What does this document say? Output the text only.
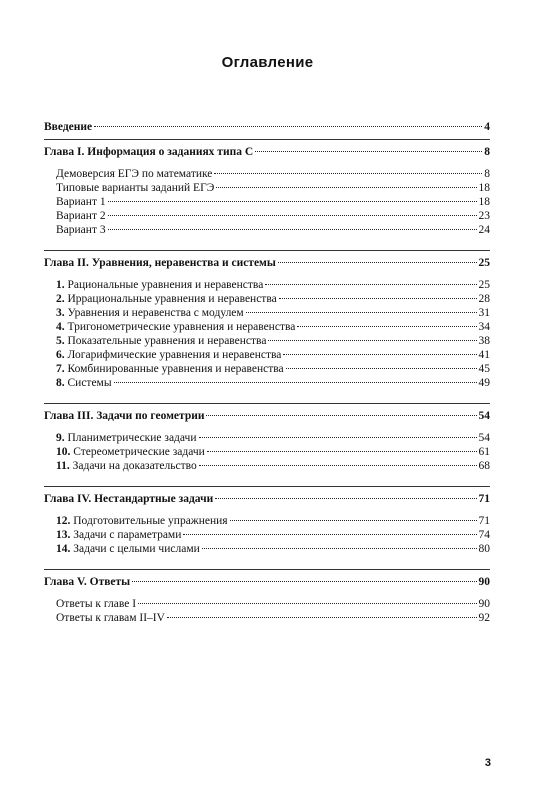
Оглавление
Введение	4
Глава I. Информация о заданиях типа С	8
Демоверсия ЕГЭ по математике	8
Типовые варианты заданий ЕГЭ	18
Вариант 1	18
Вариант 2	23
Вариант 3	24
Глава II. Уравнения, неравенства и системы	25
1. Рациональные уравнения и неравенства	25
2. Иррациональные уравнения и неравенства	28
3. Уравнения и неравенства с модулем	31
4. Тригонометрические уравнения и неравенства	34
5. Показательные уравнения и неравенства	38
6. Логарифмические уравнения и неравенства	41
7. Комбинированные уравнения и неравенства	45
8. Системы	49
Глава III. Задачи по геометрии	54
9. Планиметрические задачи	54
10. Стереометрические задачи	61
11. Задачи на доказательство	68
Глава IV. Нестандартные задачи	71
12. Подготовительные упражнения	71
13. Задачи с параметрами	74
14. Задачи с целыми числами	80
Глава V. Ответы	90
Ответы к главе I	90
Ответы к главам II–IV	92
3
